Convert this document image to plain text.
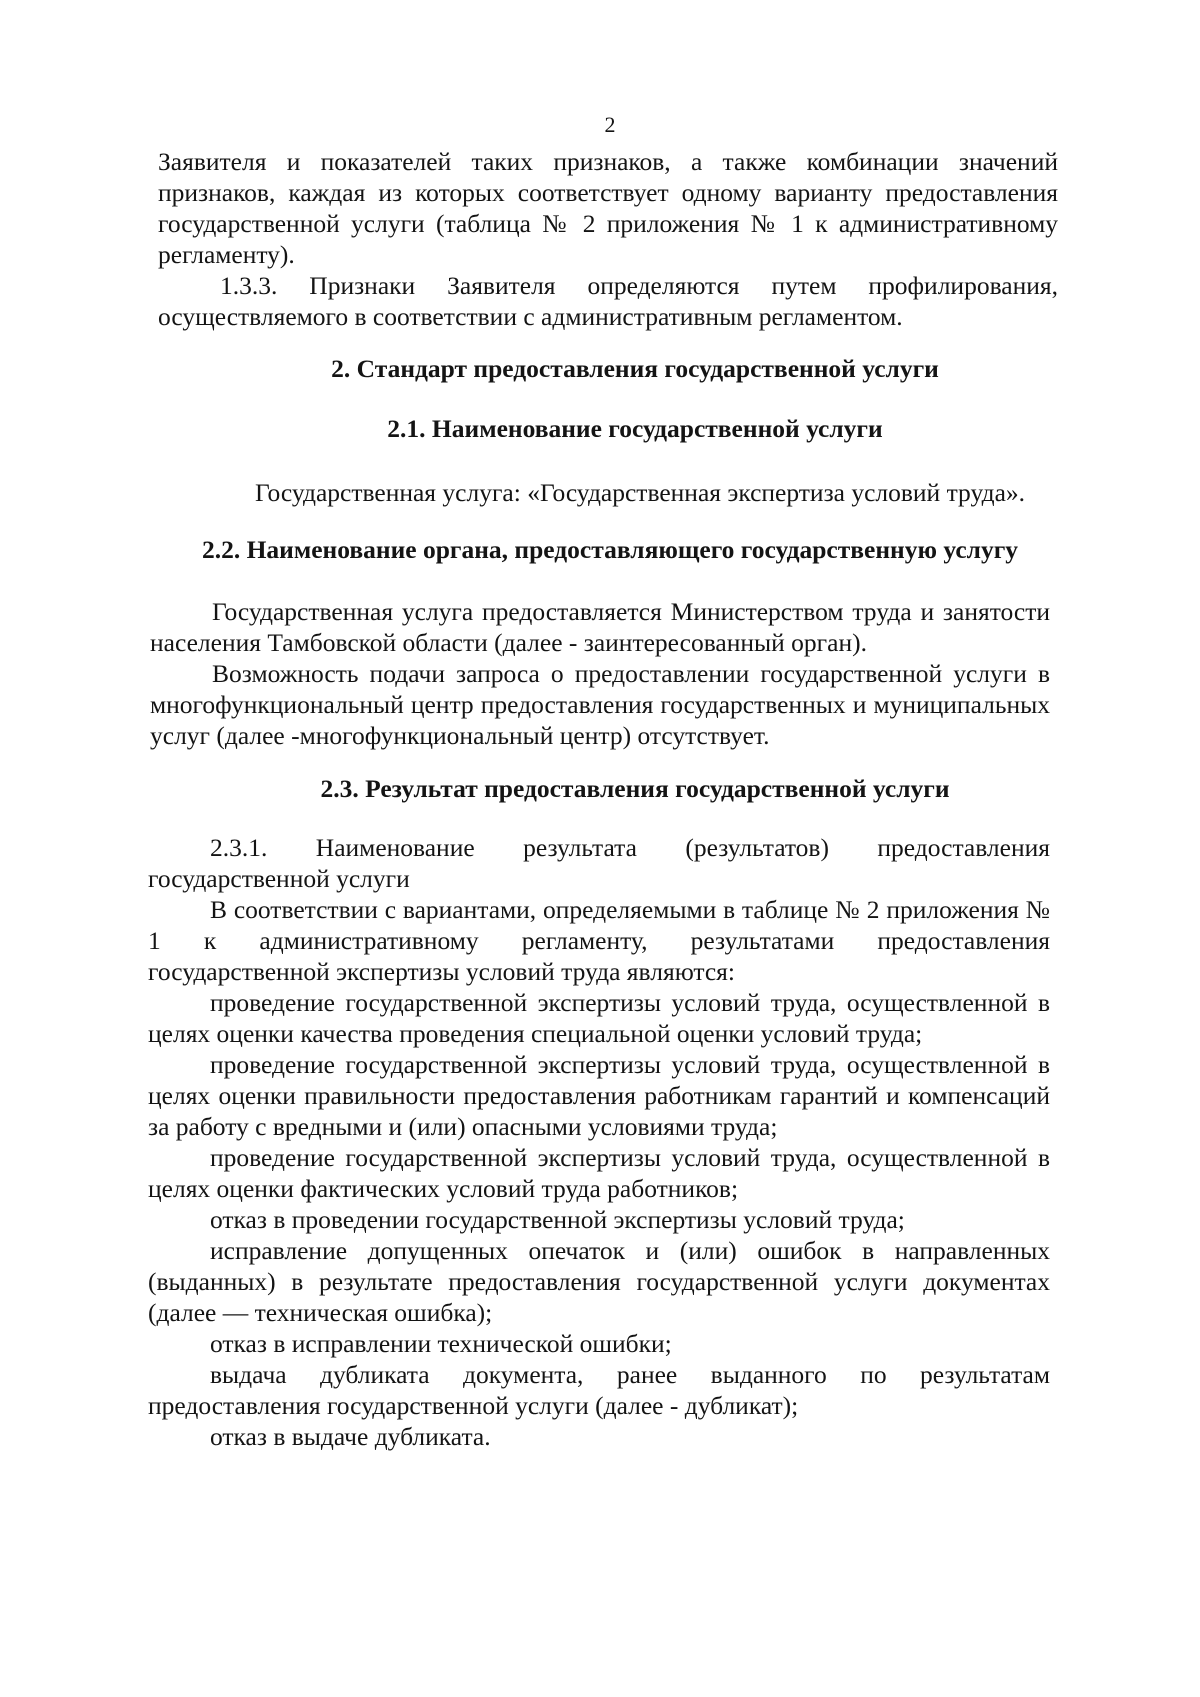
2

Заявителя и показателей таких признаков, а также комбинации значений признаков, каждая из которых соответствует одному варианту предоставления государственной услуги (таблица № 2 приложения № 1 к административному регламенту).

1.3.3. Признаки Заявителя определяются путем профилирования, осуществляемого в соответствии с административным регламентом.

2. Стандарт предоставления государственной услуги
2.1. Наименование государственной услуги
Государственная услуга: «Государственная экспертиза условий труда».
2.2. Наименование органа, предоставляющего государственную услугу

Государственная услуга предоставляется Министерством труда и занятости населения Тамбовской области (далее - заинтересованный орган).

Возможность подачи запроса о предоставлении государственной услуги в многофункциональный центр предоставления государственных и муниципальных услуг (далее -многофункциональный центр) отсутствует.

2.3. Результат предоставления государственной услуги

2.3.1. Наименование результата (результатов) предоставления государственной услуги

В соответствии с вариантами, определяемыми в таблице № 2 приложения № 1 к административному регламенту, результатами предоставления государственной экспертизы условий труда являются:

проведение государственной экспертизы условий труда, осуществленной в целях оценки качества проведения специальной оценки условий труда;

проведение государственной экспертизы условий труда, осуществленной в целях оценки правильности предоставления работникам гарантий и компенсаций за работу с вредными и (или) опасными условиями труда;

проведение государственной экспертизы условий труда, осуществленной в целях оценки фактических условий труда работников;

отказ в проведении государственной экспертизы условий труда;

исправление допущенных опечаток и (или) ошибок в направленных (выданных) в результате предоставления государственной услуги документах (далее — техническая ошибка);

отказ в исправлении технической ошибки;

выдача дубликата документа, ранее выданного по результатам предоставления государственной услуги (далее - дубликат);

отказ в выдаче дубликата.
